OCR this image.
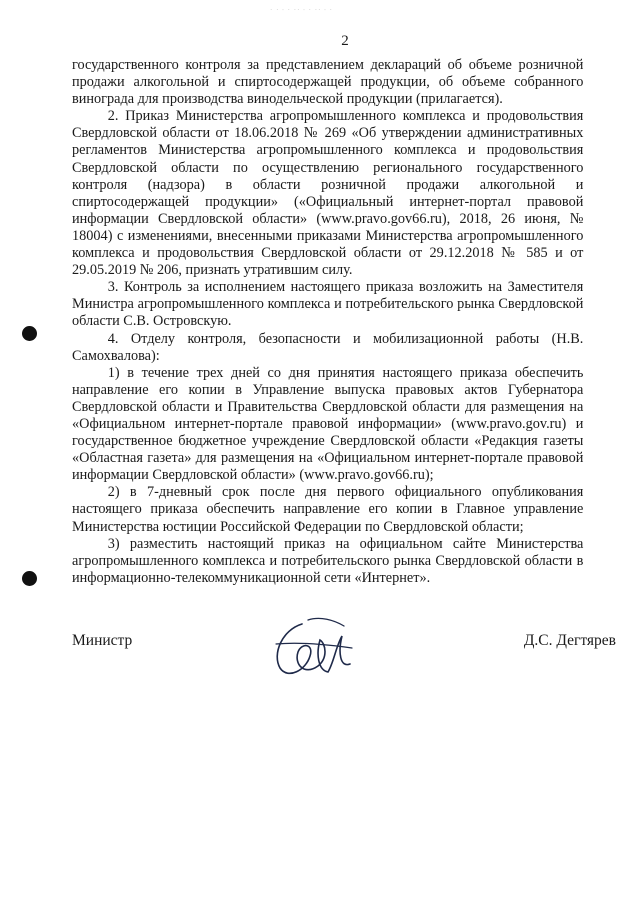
· · ∙ · ·· ∙ · ·· ∙ ·
2

государственного контроля за представлением деклараций об объеме розничной продажи алкогольной и спиртосодержащей продукции, об объеме собранного винограда для производства винодельческой продукции (прилагается).

2. Приказ Министерства агропромышленного комплекса и продовольствия Свердловской области от 18.06.2018 № 269 «Об утверждении административных регламентов Министерства агропромышленного комплекса и продовольствия Свердловской области по осуществлению регионального государственного контроля (надзора) в области розничной продажи алкогольной и спиртосодержащей продукции» («Официальный интернет-портал правовой информации Свердловской области» (www.pravo.gov66.ru), 2018, 26 июня, № 18004) с изменениями, внесенными приказами Министерства агропромышленного комплекса и продовольствия Свердловской области от 29.12.2018 № 585 и от 29.05.2019 № 206, признать утратившим силу.

3. Контроль за исполнением настоящего приказа возложить на Заместителя Министра агропромышленного комплекса и потребительского рынка Свердловской области С.В. Островскую.

4. Отделу контроля, безопасности и мобилизационной работы (Н.В. Самохвалова):

1) в течение трех дней со дня принятия настоящего приказа обеспечить направление его копии в Управление выпуска правовых актов Губернатора Свердловской области и Правительства Свердловской области для размещения на «Официальном интернет-портале правовой информации» (www.pravo.gov.ru) и государственное бюджетное учреждение Свердловской области «Редакция газеты «Областная газета» для размещения на «Официальном интернет-портале правовой информации Свердловской области» (www.pravo.gov66.ru);

2) в 7-дневный срок после дня первого официального опубликования настоящего приказа обеспечить направление его копии в Главное управление Министерства юстиции Российской Федерации по Свердловской области;

3) разместить настоящий приказ на официальном сайте Министерства агропромышленного комплекса и потребительского рынка Свердловской области в информационно-телекоммуникационной сети «Интернет».

Министр	Д.С. Дегтярев
